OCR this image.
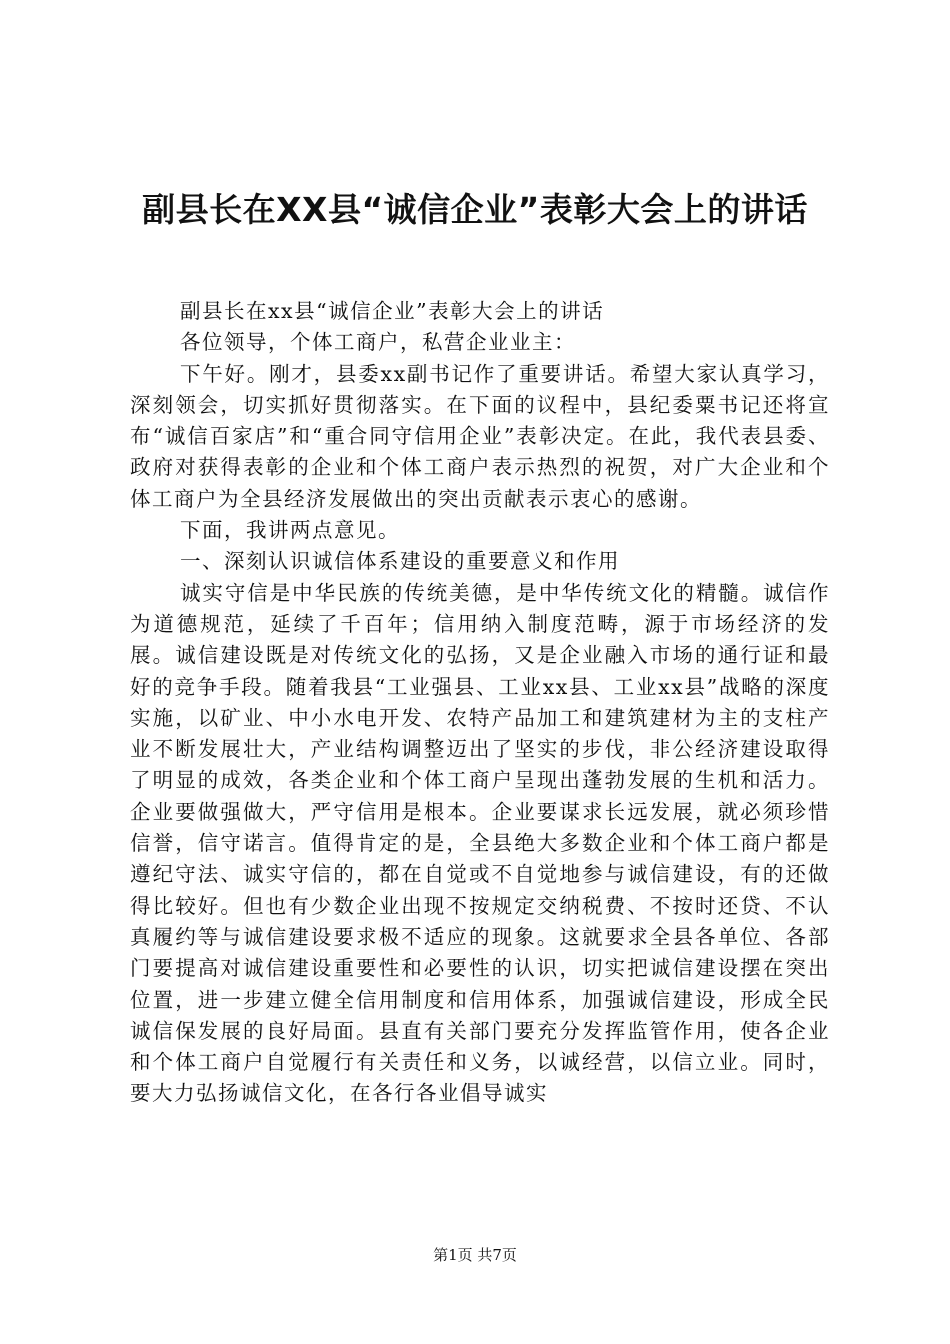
副县长在XX县“诚信企业”表彰大会上的讲话

副县长在xx县“诚信企业”表彰大会上的讲话

各位领导，个体工商户，私营企业业主：

下午好。刚才，县委xx副书记作了重要讲话。希望大家认真学习，深刻领会，切实抓好贯彻落实。在下面的议程中，县纪委粟书记还将宣布“诚信百家店”和“重合同守信用企业”表彰决定。在此，我代表县委、政府对获得表彰的企业和个体工商户表示热烈的祝贺，对广大企业和个体工商户为全县经济发展做出的突出贡献表示衷心的感谢。

下面，我讲两点意见。

一、深刻认识诚信体系建设的重要意义和作用

诚实守信是中华民族的传统美德，是中华传统文化的精髓。诚信作为道德规范，延续了千百年；信用纳入制度范畴，源于市场经济的发展。诚信建设既是对传统文化的弘扬，又是企业融入市场的通行证和最好的竞争手段。随着我县“工业强县、工业xx县、工业xx县”战略的深度实施，以矿业、中小水电开发、农特产品加工和建筑建材为主的支柱产业不断发展壮大，产业结构调整迈出了坚实的步伐，非公经济建设取得了明显的成效，各类企业和个体工商户呈现出蓬勃发展的生机和活力。企业要做强做大，严守信用是根本。企业要谋求长远发展，就必须珍惜信誉，信守诺言。值得肯定的是，全县绝大多数企业和个体工商户都是遵纪守法、诚实守信的，都在自觉或不自觉地参与诚信建设，有的还做得比较好。但也有少数企业出现不按规定交纳税费、不按时还贷、不认真履约等与诚信建设要求极不适应的现象。这就要求全县各单位、各部门要提高对诚信建设重要性和必要性的认识，切实把诚信建设摆在突出位置，进一步建立健全信用制度和信用体系，加强诚信建设，形成全民诚信保发展的良好局面。县直有关部门要充分发挥监管作用，使各企业和个体工商户自觉履行有关责任和义务，以诚经营，以信立业。同时，要大力弘扬诚信文化，在各行各业倡导诚实

第1页 共7页
